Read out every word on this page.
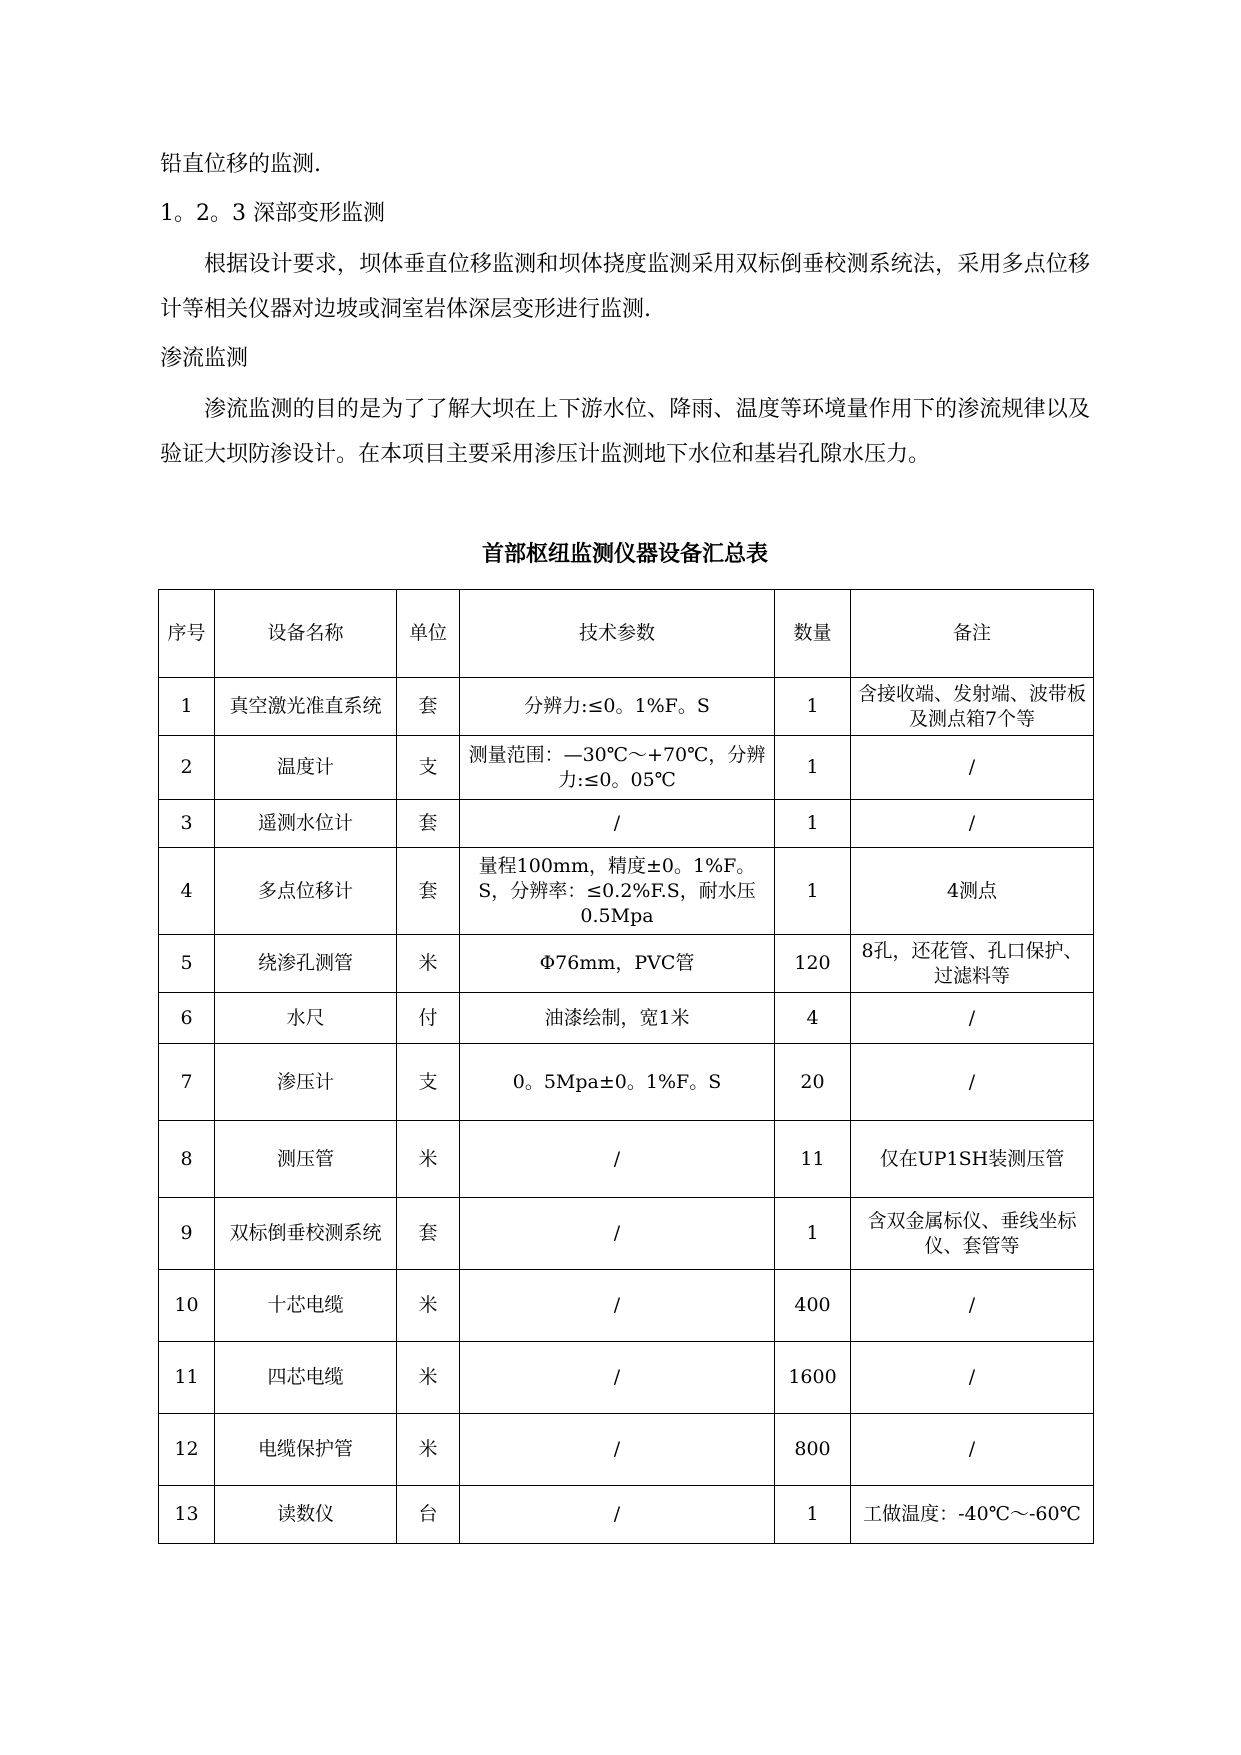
铅直位移的监测.
1。2。3 深部变形监测
根据设计要求，坝体垂直位移监测和坝体挠度监测采用双标倒垂校测系统法，采用多点位移计等相关仪器对边坡或洞室岩体深层变形进行监测.
渗流监测
渗流监测的目的是为了了解大坝在上下游水位、降雨、温度等环境量作用下的渗流规律以及验证大坝防渗设计。在本项目主要采用渗压计监测地下水位和基岩孔隙水压力。
首部枢纽监测仪器设备汇总表
序号	设备名称	单位	技术参数	数量	备注
1	真空激光准直系统	套	分辨力:≤0。1%F。S	1	含接收端、发射端、波带板及测点箱7个等
2	温度计	支	测量范围：—30℃～+70℃，分辨力:≤0。05℃	1	/
3	遥测水位计	套	/	1	/
4	多点位移计	套	量程100mm，精度±0。1%F。S，分辨率：≤0.2%F.S，耐水压0.5Mpa	1	4测点
5	绕渗孔测管	米	Φ76mm，PVC管	120	8孔，还花管、孔口保护、过滤料等
6	水尺	付	油漆绘制，宽1米	4	/
7	渗压计	支	0。5Mpa±0。1%F。S	20	/
8	测压管	米	/	11	仅在UP1SH装测压管
9	双标倒垂校测系统	套	/	1	含双金属标仪、垂线坐标仪、套管等
10	十芯电缆	米	/	400	/
11	四芯电缆	米	/	1600	/
12	电缆保护管	米	/	800	/
13	读数仪	台	/	1	工做温度：-40℃～-60℃
